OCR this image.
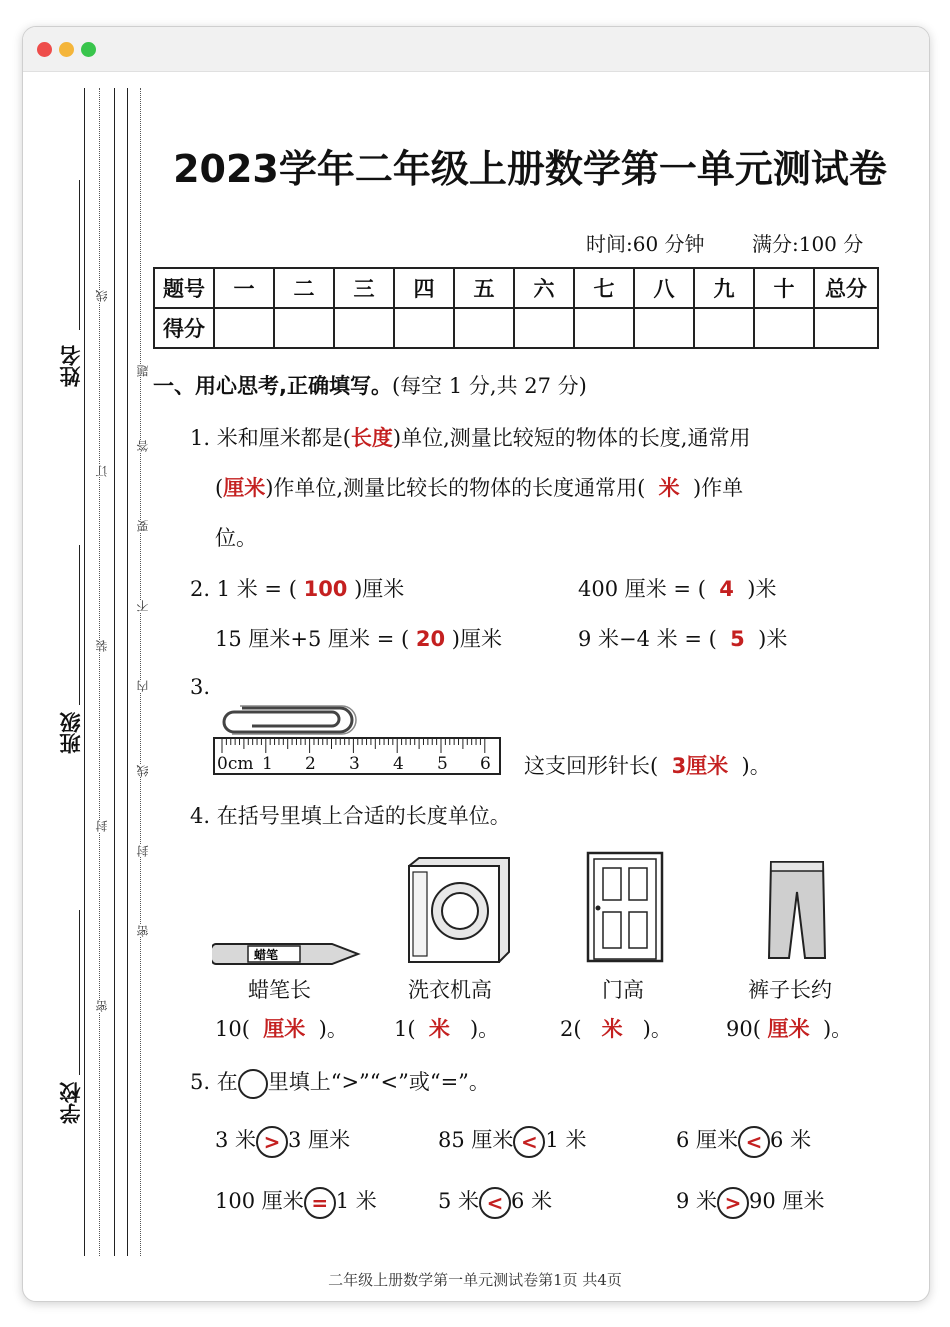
姓名
班级
学校
线
订
装
封
密
题
答
要
不
内
线
封
密
2023学年二年级上册数学第一单元测试卷
时间:60 分钟 满分:100 分
题号	一	二	三	四	五	六	七	八	九	十	总分
得分											
一、用心思考,正确填写。(每空 1 分,共 27 分)
1. 米和厘米都是(长度)单位,测量比较短的物体的长度,通常用
(厘米)作单位,测量比较长的物体的长度通常用( 米 )作单
位。
2. 1 米 = ( 100 )厘米	400 厘米 = ( 4 )米
15 厘米+5 厘米 = ( 20 )厘米	9 米−4 米 = ( 5 )米
3.
0cm 1 2 3 4 5 6 这支回形针长( 3厘米 )。
4. 在括号里填上合适的长度单位。
蜡笔
蜡笔长	洗衣机高	门高	裤子长约
10( 厘米 )。 1( 米 )。	2( 米 )。	90( 厘米 )。
5. 在 里填上“>”“<”或“=”。
3 米 > 3 厘米	85 厘米 < 1 米	6 厘米 < 6 米
100 厘米 = 1 米	5 米 < 6 米	9 米 > 90 厘米
二年级上册数学第一单元测试卷第1页 共4页
